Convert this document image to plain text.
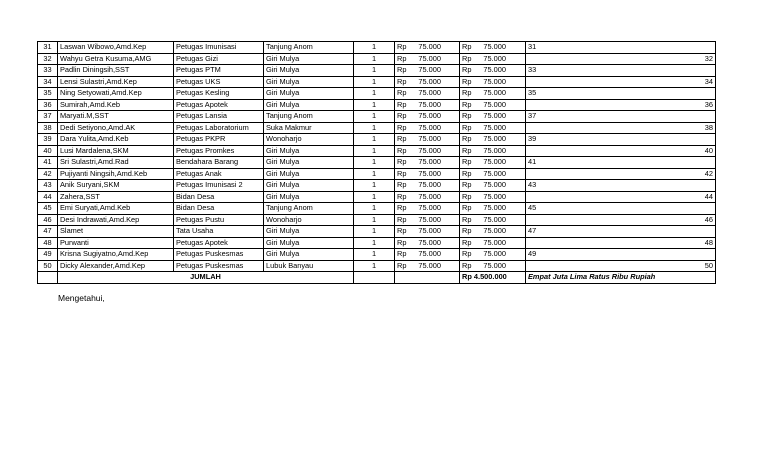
31	Laswan Wibowo,Amd.Kep	Petugas Imunisasi	Tanjung Anom	1	Rp 75.000	Rp 75.000	31
32	Wahyu Getra Kusuma,AMG	Petugas Gizi	Giri Mulya	1	Rp 75.000	Rp 75.000	32
33	Padlin Diningsih,SST	Petugas PTM	Giri Mulya	1	Rp 75.000	Rp 75.000	33
34	Lensi Sulastri,Amd.Kep	Petugas UKS	Giri Mulya	1	Rp 75.000	Rp 75.000	34
35	Ning Setyowati,Amd.Kep	Petugas Kesling	Giri Mulya	1	Rp 75.000	Rp 75.000	35
36	Sumirah,Amd.Keb	Petugas Apotek	Giri Mulya	1	Rp 75.000	Rp 75.000	36
37	Maryati.M,SST	Petugas Lansia	Tanjung Anom	1	Rp 75.000	Rp 75.000	37
38	Dedi Setiyono,Amd.AK	Petugas Laboratorium	Suka Makmur	1	Rp 75.000	Rp 75.000	38
39	Dara Yulita,Amd.Keb	Petugas PKPR	Wonoharjo	1	Rp 75.000	Rp 75.000	39
40	Lusi Mardalena,SKM	Petugas Promkes	Giri Mulya	1	Rp 75.000	Rp 75.000	40
41	Sri Sulastri,Amd.Rad	Bendahara Barang	Giri Mulya	1	Rp 75.000	Rp 75.000	41
42	Pujiyanti Ningsih,Amd.Keb	Petugas Anak	Giri Mulya	1	Rp 75.000	Rp 75.000	42
43	Anik Suryani,SKM	Petugas Imunisasi 2	Giri Mulya	1	Rp 75.000	Rp 75.000	43
44	Zahera,SST	Bidan Desa	Giri Mulya	1	Rp 75.000	Rp 75.000	44
45	Emi Suryati,Amd.Keb	Bidan Desa	Tanjung Anom	1	Rp 75.000	Rp 75.000	45
46	Desi Indrawati,Amd.Kep	Petugas Pustu	Wonoharjo	1	Rp 75.000	Rp 75.000	46
47	Slamet	Tata Usaha	Giri Mulya	1	Rp 75.000	Rp 75.000	47
48	Purwanti	Petugas Apotek	Giri Mulya	1	Rp 75.000	Rp 75.000	48
49	Krisna Sugiyatno,Amd.Kep	Petugas Puskesmas	Giri Mulya	1	Rp 75.000	Rp 75.000	49
50	Dicky Alexander,Amd.Kep	Petugas Puskesmas	Lubuk Banyau	1	Rp 75.000	Rp 75.000	50
	JUMLAH					Rp 4.500.000	Empat Juta Lima Ratus Ribu Rupiah
Mengetahui,
